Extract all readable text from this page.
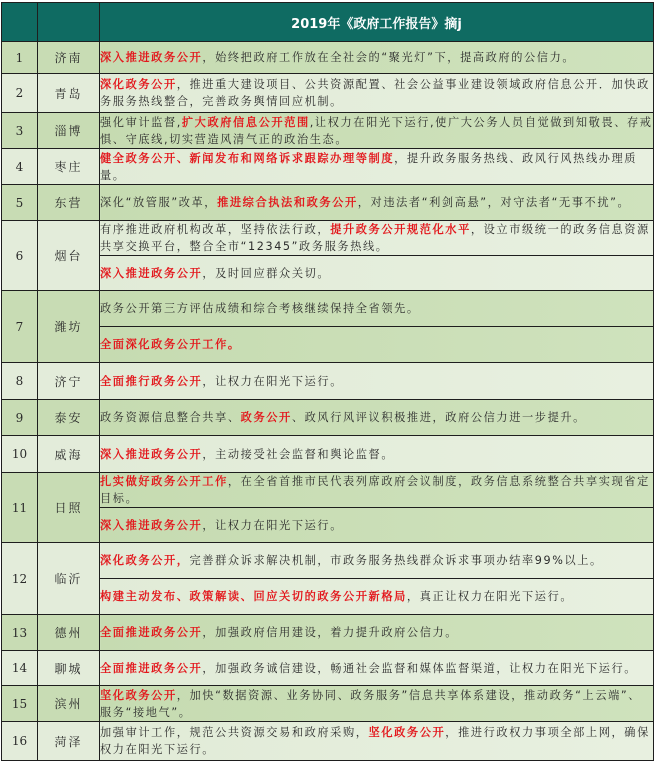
		2019年《政府工作报告》摘j
1	济南	深入推进政务公开，始终把政府工作放在全社会的“聚光灯”下，提高政府的公信力。
2	青岛	深化政务公开，推进重大建设项目、公共资源配置、社会公益事业建设领域政府信息公开．加快政务服务热线整合，完善政务舆情回应机制。
3	淄博	强化审计监督,扩大政府信息公开范围,让权力在阳光下运行,使广大公务人员自觉做到知敬畏、存戒惧、守底线,切实营造风清气正的政治生态。
4	枣庄	健全政务公开、新闻发布和网络诉求跟踪办理等制度，提升政务服务热线、政风行风热线办理质量。
5	东营	深化“放管服”改革，推进综合执法和政务公开，对违法者“利剑高悬”，对守法者“无事不扰”。
6	烟台	有序推进政府机构改革，坚持依法行政，提升政务公开规范化水平，设立市级统一的政务信息资源共享交换平台，整合全市“12345”政务服务热线。
		深入推进政务公开，及时回应群众关切。
7	潍坊	政务公开第三方评估成绩和综合考核继续保持全省领先。
		全面深化政务公开工作。
8	济宁	全面推行政务公开，让权力在阳光下运行。
9	泰安	政务资源信息整合共享、政务公开、政风行风评议积极推进，政府公信力进一步提升。
10	威海	深入推进政务公开，主动接受社会监督和舆论监督。
11	日照	扎实做好政务公开工作，在全省首推市民代表列席政府会议制度，政务信息系统整合共享实现省定目标。
		深入推进政务公开，让权力在阳光下运行。
12	临沂	深化政务公开，完善群众诉求解决机制，市政务服务热线群众诉求事项办结率99%以上。
		构建主动发布、政策解读、回应关切的政务公开新格局，真正让权力在阳光下运行。
13	德州	全面推进政务公开，加强政府信用建设，着力提升政府公信力。
14	聊城	全面推进政务公开，加强政务诚信建设，畅通社会监督和媒体监督渠道，让权力在阳光下运行。
15	滨州	坚化政务公开，加快“数据资源、业务协同、政务服务”信息共享体系建设，推动政务“上云端”、服务“接地气”。
16	菏泽	加强审计工作，规范公共资源交易和政府采购，坚化政务公开，推进行政权力事项全部上网，确保权力在阳光下运行。
